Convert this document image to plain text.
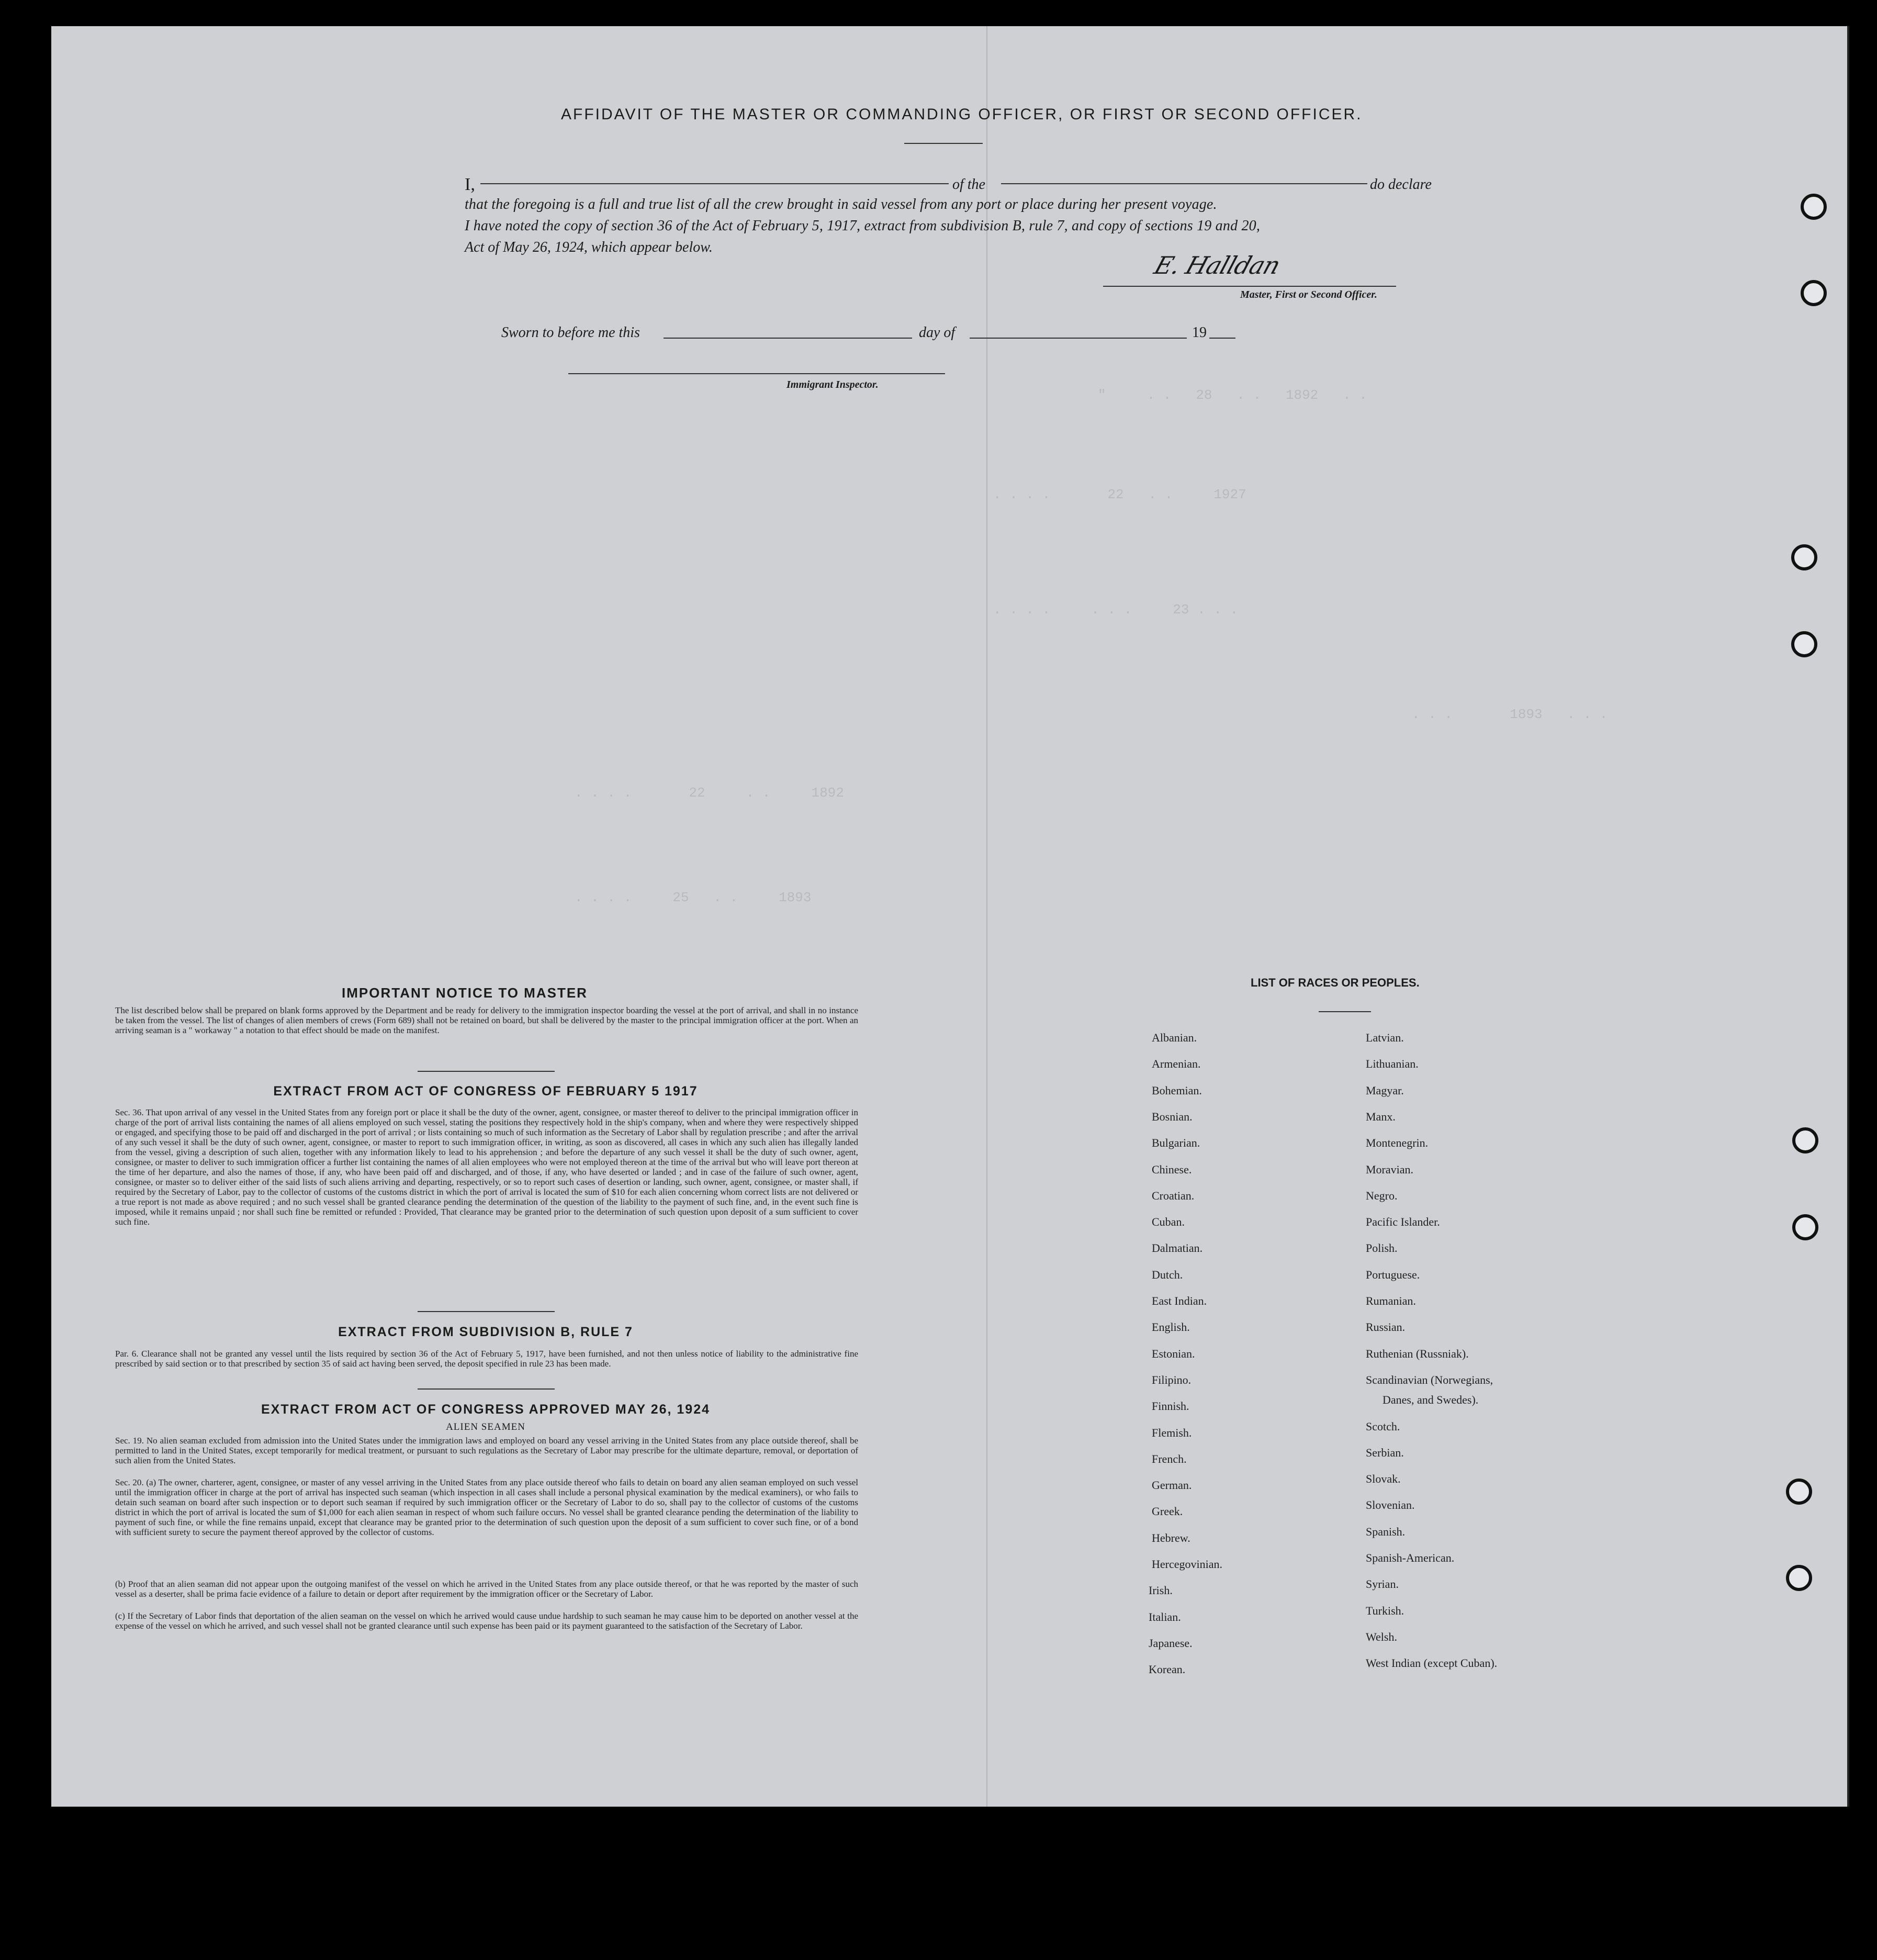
"     . .   28   . .   1892   . .
. . . .       22   . .     1927
. . . .     . . .     23 . . .
. . . .       22     . .     1892
. . . .     25   . .     1893
. . .       1893   . . .
AFFIDAVIT OF THE MASTER OR COMMANDING OFFICER, OR FIRST OR SECOND OFFICER.
I,	of the	do declare
that the foregoing is a full and true list of all the crew brought in said vessel from any port or place during her present voyage.
I have noted the copy of section 36 of the Act of February 5, 1917, extract from subdivision B, rule 7, and copy of sections 19 and 20,
Act of May 26, 1924, which appear below.
E. Halldan
Master, First or Second Officer.
Sworn to before me this	day of	19
Immigrant Inspector.
IMPORTANT NOTICE TO MASTER
The list described below shall be prepared on blank forms approved by the Department and be ready for delivery to the immigration inspector boarding the vessel at the port of arrival, and shall in no instance be taken from the vessel. The list of changes of alien members of crews (Form 689) shall not be retained on board, but shall be delivered by the master to the principal immigration officer at the port. When an arriving seaman is a " workaway " a notation to that effect should be made on the manifest.
EXTRACT FROM ACT OF CONGRESS OF FEBRUARY 5 1917
Sec. 36. That upon arrival of any vessel in the United States from any foreign port or place it shall be the duty of the owner, agent, consignee, or master thereof to deliver to the principal immigration officer in charge of the port of arrival lists containing the names of all aliens employed on such vessel, stating the positions they respectively hold in the ship's company, when and where they were respectively shipped or engaged, and specifying those to be paid off and discharged in the port of arrival ; or lists containing so much of such information as the Secretary of Labor shall by regulation prescribe ; and after the arrival of any such vessel it shall be the duty of such owner, agent, consignee, or master to report to such immigration officer, in writing, as soon as discovered, all cases in which any such alien has illegally landed from the vessel, giving a description of such alien, together with any information likely to lead to his apprehension ; and before the departure of any such vessel it shall be the duty of such owner, agent, consignee, or master to deliver to such immigration officer a further list containing the names of all alien employees who were not employed thereon at the time of the arrival but who will leave port thereon at the time of her departure, and also the names of those, if any, who have been paid off and discharged, and of those, if any, who have deserted or landed ; and in case of the failure of such owner, agent, consignee, or master so to deliver either of the said lists of such aliens arriving and departing, respectively, or so to report such cases of desertion or landing, such owner, agent, consignee, or master shall, if required by the Secretary of Labor, pay to the collector of customs of the customs district in which the port of arrival is located the sum of $10 for each alien concerning whom correct lists are not delivered or a true report is not made as above required ; and no such vessel shall be granted clearance pending the determination of the question of the liability to the payment of such fine, and, in the event such fine is imposed, while it remains unpaid ; nor shall such fine be remitted or refunded : Provided, That clearance may be granted prior to the determination of such question upon deposit of a sum sufficient to cover such fine.
EXTRACT FROM SUBDIVISION B, RULE 7
Par. 6. Clearance shall not be granted any vessel until the lists required by section 36 of the Act of February 5, 1917, have been furnished, and not then unless notice of liability to the administrative fine prescribed by said section or to that prescribed by section 35 of said act having been served, the deposit specified in rule 23 has been made.
EXTRACT FROM ACT OF CONGRESS APPROVED MAY 26, 1924
ALIEN SEAMEN
Sec. 19. No alien seaman excluded from admission into the United States under the immigration laws and employed on board any vessel arriving in the United States from any place outside thereof, shall be permitted to land in the United States, except temporarily for medical treatment, or pursuant to such regulations as the Secretary of Labor may prescribe for the ultimate departure, removal, or deportation of such alien from the United States.
Sec. 20. (a) The owner, charterer, agent, consignee, or master of any vessel arriving in the United States from any place outside thereof who fails to detain on board any alien seaman employed on such vessel until the immigration officer in charge at the port of arrival has inspected such seaman (which inspection in all cases shall include a personal physical examination by the medical examiners), or who fails to detain such seaman on board after such inspection or to deport such seaman if required by such immigration officer or the Secretary of Labor to do so, shall pay to the collector of customs of the customs district in which the port of arrival is located the sum of $1,000 for each alien seaman in respect of whom such failure occurs. No vessel shall be granted clearance pending the determination of the liability to payment of such fine, or while the fine remains unpaid, except that clearance may be granted prior to the determination of such question upon the deposit of a sum sufficient to cover such fine, or of a bond with sufficient surety to secure the payment thereof approved by the collector of customs.
(b) Proof that an alien seaman did not appear upon the outgoing manifest of the vessel on which he arrived in the United States from any place outside thereof, or that he was reported by the master of such vessel as a deserter, shall be prima facie evidence of a failure to detain or deport after requirement by the immigration officer or the Secretary of Labor.
(c) If the Secretary of Labor finds that deportation of the alien seaman on the vessel on which he arrived would cause undue hardship to such seaman he may cause him to be deported on another vessel at the expense of the vessel on which he arrived, and such vessel shall not be granted clearance until such expense has been paid or its payment guaranteed to the satisfaction of the Secretary of Labor.
LIST OF RACES OR PEOPLES.
Albanian.
Armenian.
Bohemian.
Bosnian.
Bulgarian.
Chinese.
Croatian.
Cuban.
Dalmatian.
Dutch.
East Indian.
English.
Estonian.
Filipino.
Finnish.
Flemish.
French.
German.
Greek.
Hebrew.
Hercegovinian.
Irish.
Italian.
Japanese.
Korean.
Latvian.
Lithuanian.
Magyar.
Manx.
Montenegrin.
Moravian.
Negro.
Pacific Islander.
Polish.
Portuguese.
Rumanian.
Russian.
Ruthenian (Russniak).
Scandinavian (Norwegians,
Danes, and Swedes).
Scotch.
Serbian.
Slovak.
Slovenian.
Spanish.
Spanish-American.
Syrian.
Turkish.
Welsh.
West Indian (except Cuban).
